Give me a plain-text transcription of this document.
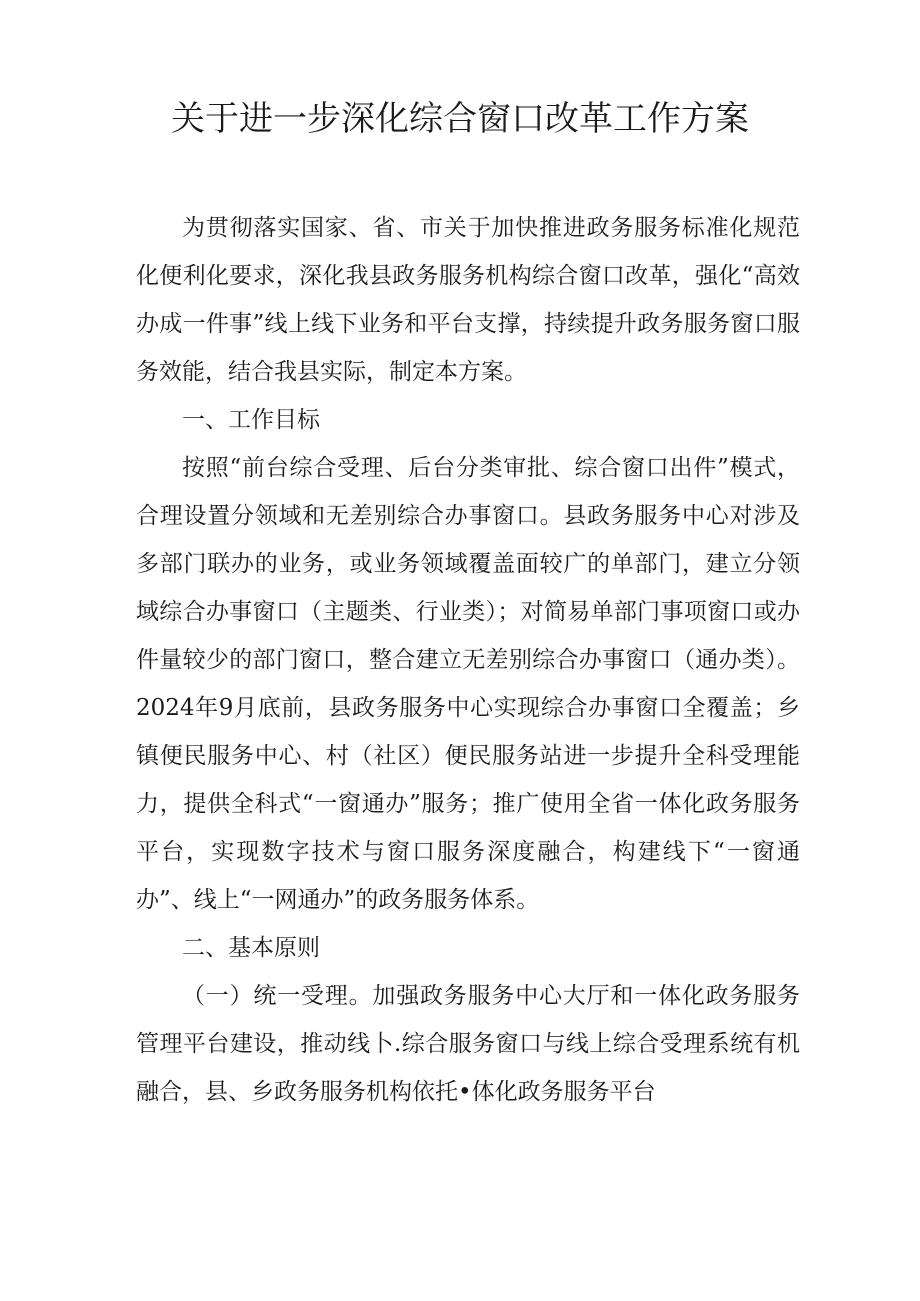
关于进一步深化综合窗口改革工作方案

为贯彻落实国家、省、市关于加快推进政务服务标准化规范化便利化要求，深化我县政务服务机构综合窗口改革，强化“高效办成一件事”线上线下业务和平台支撑，持续提升政务服务窗口服务效能，结合我县实际，制定本方案。

一、工作目标

按照“前台综合受理、后台分类审批、综合窗口出件”模式，合理设置分领域和无差别综合办事窗口。县政务服务中心对涉及多部门联办的业务，或业务领域覆盖面较广的单部门，建立分领域综合办事窗口（主题类、行业类）；对简易单部门事项窗口或办件量较少的部门窗口，整合建立无差别综合办事窗口（通办类）。2024年9月底前，县政务服务中心实现综合办事窗口全覆盖；乡镇便民服务中心、村（社区）便民服务站进一步提升全科受理能力，提供全科式“一窗通办”服务；推广使用全省一体化政务服务平台，实现数字技术与窗口服务深度融合，构建线下“一窗通办”、线上“一网通办”的政务服务体系。

二、基本原则

（一）统一受理。加强政务服务中心大厅和一体化政务服务管理平台建设，推动线卜.综合服务窗口与线上综合受理系统有机融合，县、乡政务服务机构依托•体化政务服务平台
